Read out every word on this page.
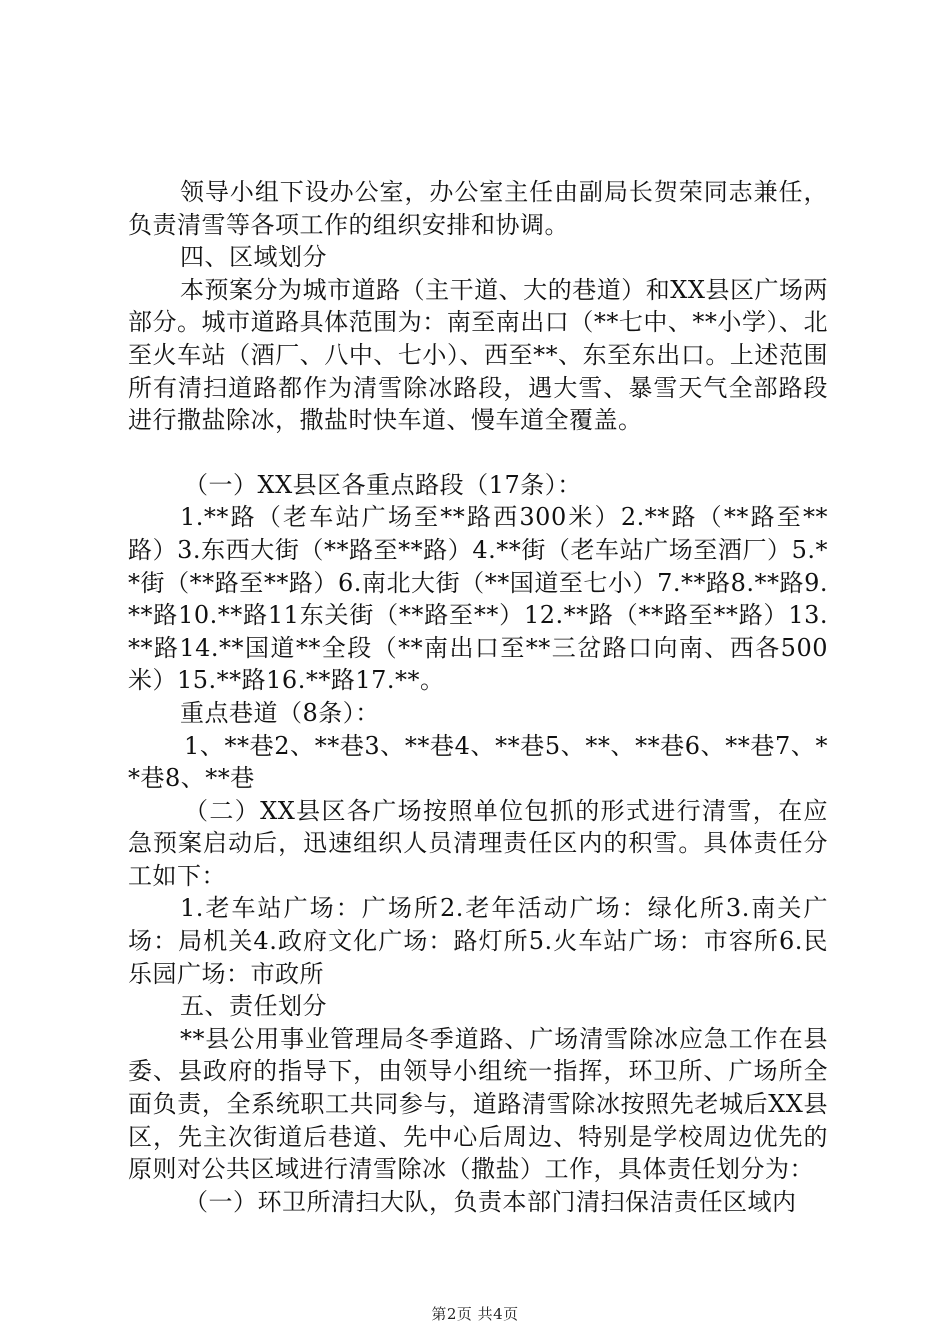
领导小组下设办公室，办公室主任由副局长贺荣同志兼任，负责清雪等各项工作的组织安排和协调。

四、区域划分

本预案分为城市道路（主干道、大的巷道）和XX县区广场两部分。城市道路具体范围为：南至南出口（**七中、**小学）、北至火车站（酒厂、八中、七小）、西至**、东至东出口。上述范围所有清扫道路都作为清雪除冰路段，遇大雪、暴雪天气全部路段进行撒盐除冰，撒盐时快车道、慢车道全覆盖。

（一）XX县区各重点路段（17条）：

1.**路（老车站广场至**路西300米）2.**路（**路至**路）3.东西大街（**路至**路）4.**街（老车站广场至酒厂）5.**街（**路至**路）6.南北大街（**国道至七小）7.**路8.**路9.**路10.**路11东关街（**路至**）12.**路（**路至**路）13.**路14.**国道**全段（**南出口至**三岔路口向南、西各500米）15.**路16.**路17.**。

重点巷道（8条）：

1、**巷2、**巷3、**巷4、**巷5、**、**巷6、**巷7、**巷8、**巷

（二）XX县区各广场按照单位包抓的形式进行清雪，在应急预案启动后，迅速组织人员清理责任区内的积雪。具体责任分工如下：

1.老车站广场：广场所2.老年活动广场：绿化所3.南关广场：局机关4.政府文化广场：路灯所5.火车站广场：市容所6.民乐园广场：市政所

五、责任划分

**县公用事业管理局冬季道路、广场清雪除冰应急工作在县委、县政府的指导下，由领导小组统一指挥，环卫所、广场所全面负责，全系统职工共同参与，道路清雪除冰按照先老城后XX县区，先主次街道后巷道、先中心后周边、特别是学校周边优先的原则对公共区域进行清雪除冰（撒盐）工作，具体责任划分为：

（一）环卫所清扫大队，负责本部门清扫保洁责任区域内

第2页 共4页
